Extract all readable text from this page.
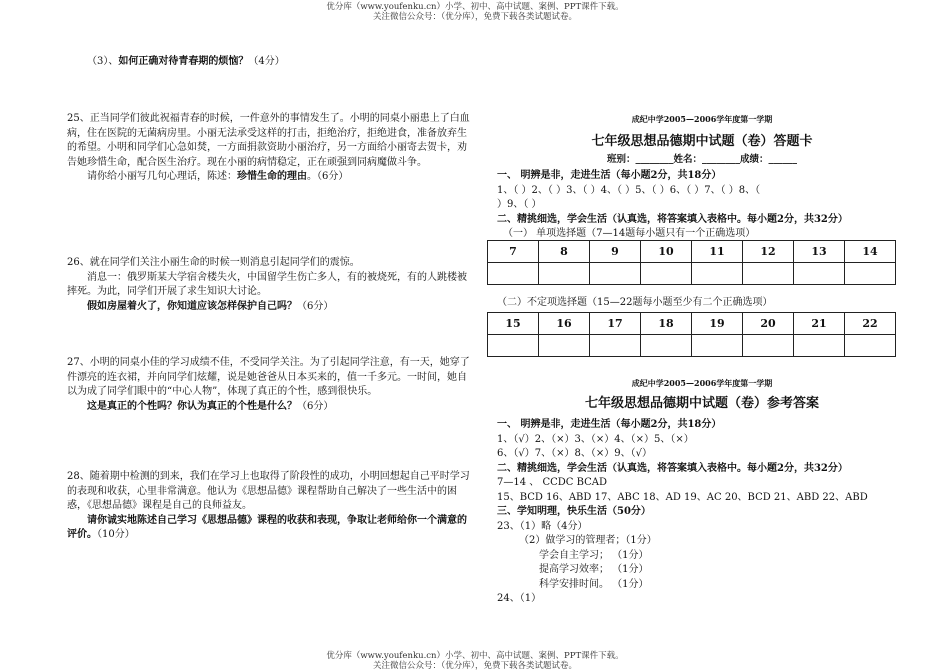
优分库（www.youfenku.cn）小学、初中、高中试题、案例、PPT课件下载。
关注微信公众号：（优分库），免费下载各类试题试卷。

（3）、如何正确对待青春期的烦恼？（4分）

25、正当同学们彼此祝福青春的时候，一件意外的事情发生了。小明的同桌小丽患上了白血病，住在医院的无菌病房里。小丽无法承受这样的打击，拒绝治疗，拒绝进食，准备放弃生的希望。小明和同学们心急如焚，一方面捐款资助小丽治疗，另一方面给小丽寄去贺卡，劝告她珍惜生命，配合医生治疗。现在小丽的病情稳定，正在顽强到同病魔做斗争。

请你给小丽写几句心理话，陈述：珍惜生命的理由。（6分）

26、就在同学们关注小丽生命的时候一则消息引起同学们的震惊。

消息一：俄罗斯某大学宿舍楼失火，中国留学生伤亡多人，有的被烧死，有的人跳楼被摔死。为此，同学们开展了求生知识大讨论。

假如房屋着火了，你知道应该怎样保护自己吗？（6分）

27、小明的同桌小佳的学习成绩不佳，不受同学关注。为了引起同学注意，有一天，她穿了件漂亮的连衣裙，并向同学们炫耀，说是她爸爸从日本买来的，值一千多元。一时间，她自以为成了同学们眼中的“中心人物”，体现了真正的个性，感到很快乐。

这是真正的个性吗？你认为真正的个性是什么？（6分）

28、随着期中检测的到来，我们在学习上也取得了阶段性的成功，小明回想起自己平时学习的表现和收获，心里非常满意。他认为《思想品德》课程帮助自己解决了一些生活中的困惑，《思想品德》课程是自己的良师益友。

请你诚实地陈述自己学习《思想品德》课程的收获和表现，争取让老师给你一个满意的评价。（10分）

成纪中学2005—2006学年度第一学期
七年级思想品德期中试题（卷）答题卡
班别：________姓名：________成绩：______

一、 明辨是非，走进生活（每小题2分，共18分）

1、（ ）2、（ ）3、（ ）4、（ ）5、（ ）6、（ ）7、（ ）8、（

）9、（ ）

二、精挑细选，学会生活（认真选，将答案填入表格中。每小题2分，共32分）

（一） 单项选择题（7—14题每小题只有一个正确选项）

7	8	9	10	11	12	13	14

（二）不定项选择题（15—22题每小题至少有二个正确选项）

15	16	17	18	19	20	21	22

成纪中学2005—2006学年度第一学期
七年级思想品德期中试题（卷）参考答案

一、 明辨是非，走进生活（每小题2分，共18分）

1、（√）2、（×）3、（×）4、（×）5、（×）

6、（√）7、（×）8、（×）9、（√）

二、精挑细选，学会生活（认真选，将答案填入表格中。每小题2分，共32分）

7—14 、 CCDC BCAD

15、BCD 16、ABD 17、ABC 18、AD 19、AC 20、BCD 21、ABD 22、ABD

三、学知明理，快乐生活（50分）

23、（1）略（4分）

（2）做学习的管理者；（1分）

学会自主学习； （1分）

提高学习效率； （1分）

科学安排时间。 （1分）

24、（1）

优分库（www.youfenku.cn）小学、初中、高中试题、案例、PPT课件下载。
关注微信公众号：（优分库），免费下载各类试题试卷。
